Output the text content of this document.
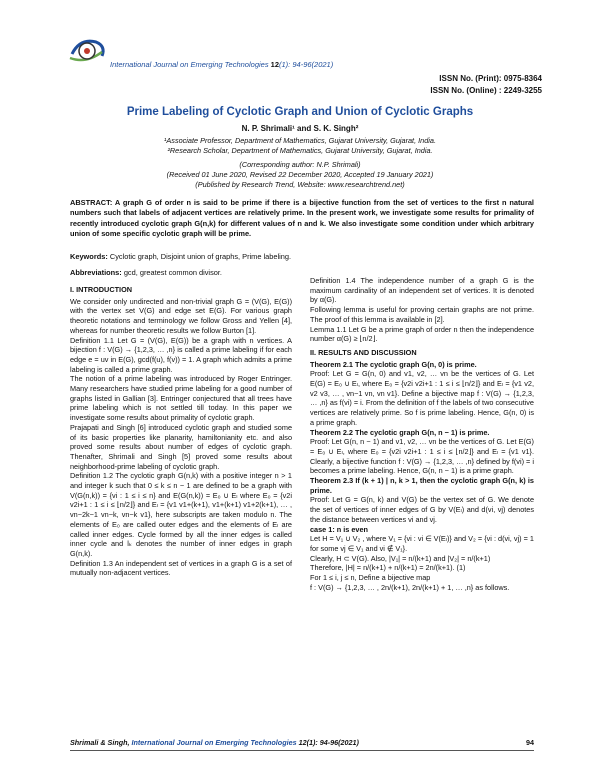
International Journal on Emerging Technologies 12(1): 94-96(2021)
ISSN No. (Print): 0975-8364
ISSN No. (Online) : 2249-3255
Prime Labeling of Cyclotic Graph and Union of Cyclotic Graphs
N. P. Shrimali¹ and S. K. Singh²
¹Associate Professor, Department of Mathematics, Gujarat University, Gujarat, India.
²Research Scholar, Department of Mathematics, Gujarat University, Gujarat, India.
(Corresponding author: N.P. Shrimali)
(Received 01 June 2020, Revised 22 December 2020, Accepted 19 January 2021)
(Published by Research Trend, Website: www.researchtrend.net)
ABSTRACT: A graph G of order n is said to be prime if there is a bijective function from the set of vertices to the first n natural numbers such that labels of adjacent vertices are relatively prime. In the present work, we investigate some results for primality of recently introduced cyclotic graph G(n,k) for different values of n and k. We also investigate some condition under which arbitrary union of some specific cyclotic graph will be prime.
Keywords: Cyclotic graph, Disjoint union of graphs, Prime labeling.
Abbreviations: gcd, greatest common divisor.

I. INTRODUCTION

We consider only undirected and non-trivial graph G = (V(G), E(G)) with the vertex set V(G) and edge set E(G). For various graph theoretic notations and terminology we follow Gross and Yellen [4], whereas for number theoretic results we follow Burton [1].

Definition 1.1 Let G = (V(G), E(G)) be a graph with n vertices. A bijection f : V(G) → {1,2,3, … ,n} is called a prime labeling if for each edge e = uv in E(G), gcd(f(u), f(v)) = 1. A graph which admits a prime labeling is called a prime graph.

The notion of a prime labeling was introduced by Roger Entringer. Many researchers have studied prime labeling for a good number of graphs listed in Gallian [3]. Entringer conjectured that all trees have prime labeling which is not settled till today. In this paper we investigate some results about primality of cyclotic graph.

Prajapati and Singh [6] introduced cyclotic graph and studied some of its basic properties like planarity, hamiltonianity etc. and also proved some results about number of edges of cyclotic graph. Thenafter, Shrimali and Singh [5] proved some results about neighborhood-prime labeling of cyclotic graph.

Definition 1.2 The cyclotic graph G(n,k) with a positive integer n > 1 and integer k such that 0 ≤ k ≤ n − 1 are defined to be a graph with V(G(n,k)) = {vi : 1 ≤ i ≤ n} and E(G(n,k)) = E₀ ∪ Eₗ where E₀ = {v2i v2i+1 : 1 ≤ i ≤ ⌊n/2⌋} and Eₗ = {v1 v1+(k+1), v1+(k+1) v1+2(k+1), … , vn−2k−1 vn−k, vn−k v1}, here subscripts are taken modulo n. The elements of E₀ are called outer edges and the elements of Eₗ are called inner edges. Cycle formed by all the inner edges is called inner cycle and lₖ denotes the number of inner edges in graph G(n,k).

Definition 1.3 An independent set of vertices in a graph G is a set of mutually non-adjacent vertices.

Definition 1.4 The independence number of a graph G is the maximum cardinality of an independent set of vertices. It is denoted by α(G).

Following lemma is useful for proving certain graphs are not prime. The proof of this lemma is available in [2].

Lemma 1.1 Let G be a prime graph of order n then the independence number α(G) ≥ ⌊n/2⌋.

II. RESULTS AND DISCUSSION

Theorem 2.1 The cyclotic graph G(n, 0) is prime.

Proof: Let G = G(n, 0) and v1, v2, … vn be the vertices of G. Let E(G) = E₀ ∪ Eₗ, where E₀ = {v2i v2i+1 : 1 ≤ i ≤ ⌊n/2⌋} and Eₗ = {v1 v2, v2 v3, … , vn−1 vn, vn v1}. Define a bijective map f : V(G) → {1,2,3, … ,n} as f(vi) = i. From the definition of f the labels of two consecutive vertices are relatively prime. So f is prime labeling. Hence, G(n, 0) is a prime graph.

Theorem 2.2 The cyclotic graph G(n, n − 1) is prime.

Proof: Let G(n, n − 1) and v1, v2, … vn be the vertices of G. Let E(G) = E₀ ∪ Eₗ, where E₀ = {v2i v2i+1 : 1 ≤ i ≤ ⌊n/2⌋} and Eₗ = {v1 v1}. Clearly, a bijective function f : V(G) → {1,2,3, … ,n} defined by f(vi) = i becomes a prime labeling. Hence, G(n, n − 1) is a prime graph.

Theorem 2.3 If (k + 1) | n, k > 1, then the cyclotic graph G(n, k) is prime.

Proof: Let G = G(n, k) and V(G) be the vertex set of G. We denote the set of vertices of inner edges of G by V(Eₗ) and d(vi, vj) denotes the distance between vertices vi and vj.

case 1: n is even

Let H = V₁ ∪ V₂ , where V₁ = {vi : vi ∈ V(Eₗ)} and V₂ = {vi : d(vi, vj) = 1 for some vj ∈ V₁ and vi ∉ V₁}.

Clearly, H ⊂ V(G). Also, |V₁| = n/(k+1) and |V₂| = n/(k+1)

Therefore, |H| = n/(k+1) + n/(k+1) = 2n/(k+1). (1)

For 1 ≤ i, j ≤ n, Define a bijective map

f : V(G) → {1,2,3, … , 2n/(k+1), 2n/(k+1) + 1, … ,n} as follows.

Shrimali & Singh, International Journal on Emerging Technologies 12(1): 94-96(2021)	94
